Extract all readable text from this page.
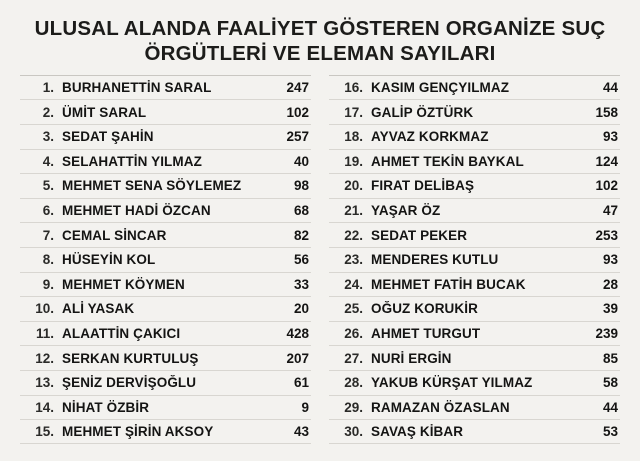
ULUSAL ALANDA FAALİYET GÖSTEREN ORGANİZE SUÇ
ÖRGÜTLERİ VE ELEMAN SAYILARI
1. BURHANETTİN SARAL	247
2. ÜMİT SARAL	102
3. SEDAT ŞAHİN	257
4. SELAHATTİN YILMAZ	40
5. MEHMET SENA SÖYLEMEZ	98
6. MEHMET HADİ ÖZCAN	68
7. CEMAL SİNCAR	82
8. HÜSEYİN KOL	56
9. MEHMET KÖYMEN	33
10. ALİ YASAK	20
11. ALAATTİN ÇAKICI	428
12. SERKAN KURTULUŞ	207
13. ŞENİZ DERVİŞOĞLU	61
14. NİHAT ÖZBİR	9
15. MEHMET ŞİRİN AKSOY	43
16. KASIM GENÇYILMAZ	44
17. GALİP ÖZTÜRK	158
18. AYVAZ KORKMAZ	93
19. AHMET TEKİN BAYKAL	124
20. FIRAT DELİBAŞ	102
21. YAŞAR ÖZ	47
22. SEDAT PEKER	253
23. MENDERES KUTLU	93
24. MEHMET FATİH BUCAK	28
25. OĞUZ KORUKİR	39
26. AHMET TURGUT	239
27. NURİ ERGİN	85
28. YAKUB KÜRŞAT YILMAZ	58
29. RAMAZAN ÖZASLAN	44
30. SAVAŞ KİBAR	53
